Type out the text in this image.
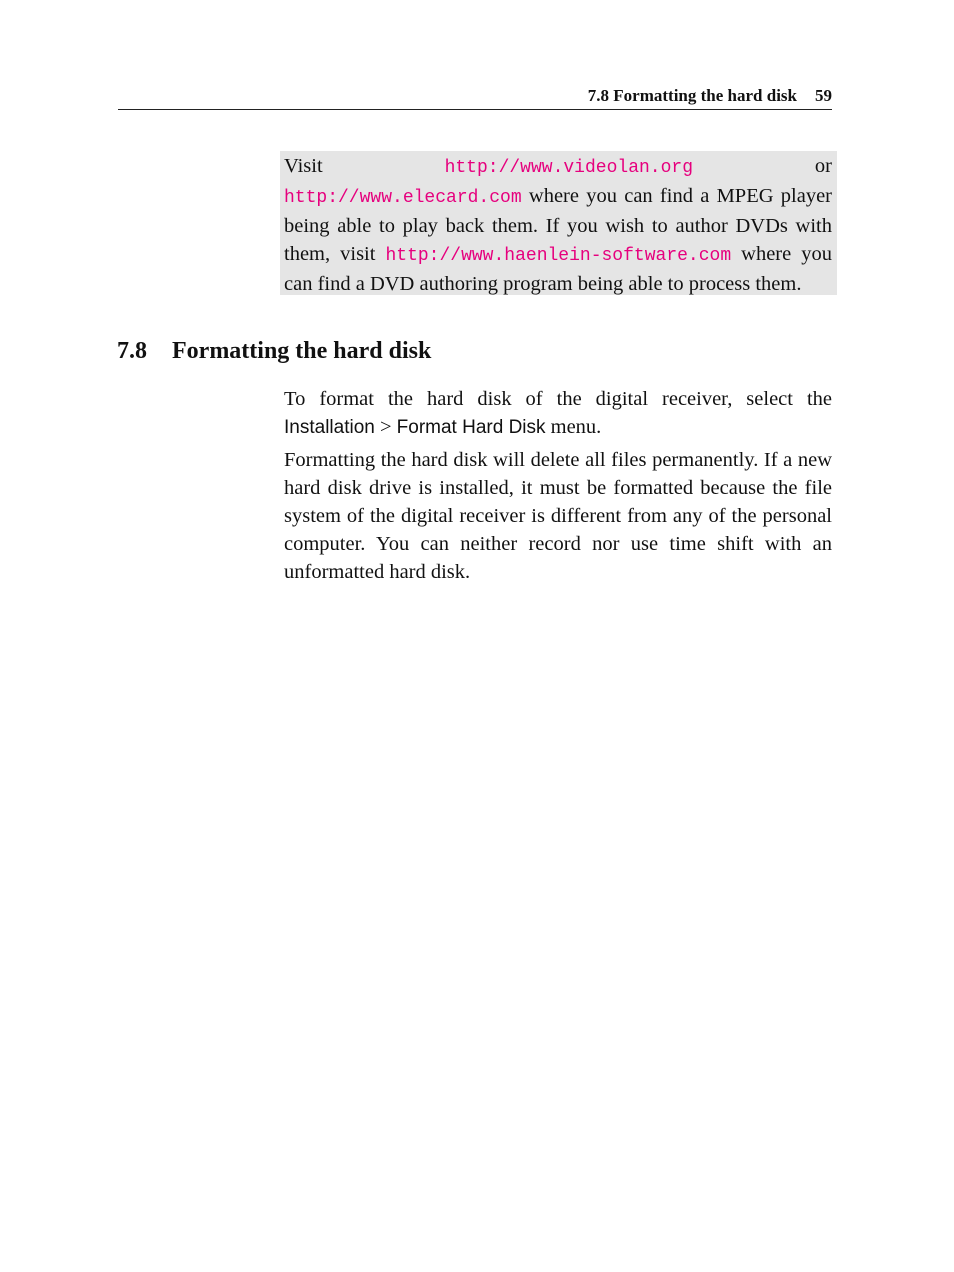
7.8 Formatting the hard disk 59
Visit http://www.videolan.org or http://www.elecard.com where you can find a MPEG player being able to play back them. If you wish to author DVDs with them, visit http://www.haenlein-software.com where you can find a DVD authoring program being able to process them.
7.8 Formatting the hard disk

To format the hard disk of the digital receiver, select the Installation > Format Hard Disk menu.

Formatting the hard disk will delete all files permanently. If a new hard disk drive is installed, it must be formatted because the file system of the digital receiver is different from any of the personal computer. You can neither record nor use time shift with an unformatted hard disk.
